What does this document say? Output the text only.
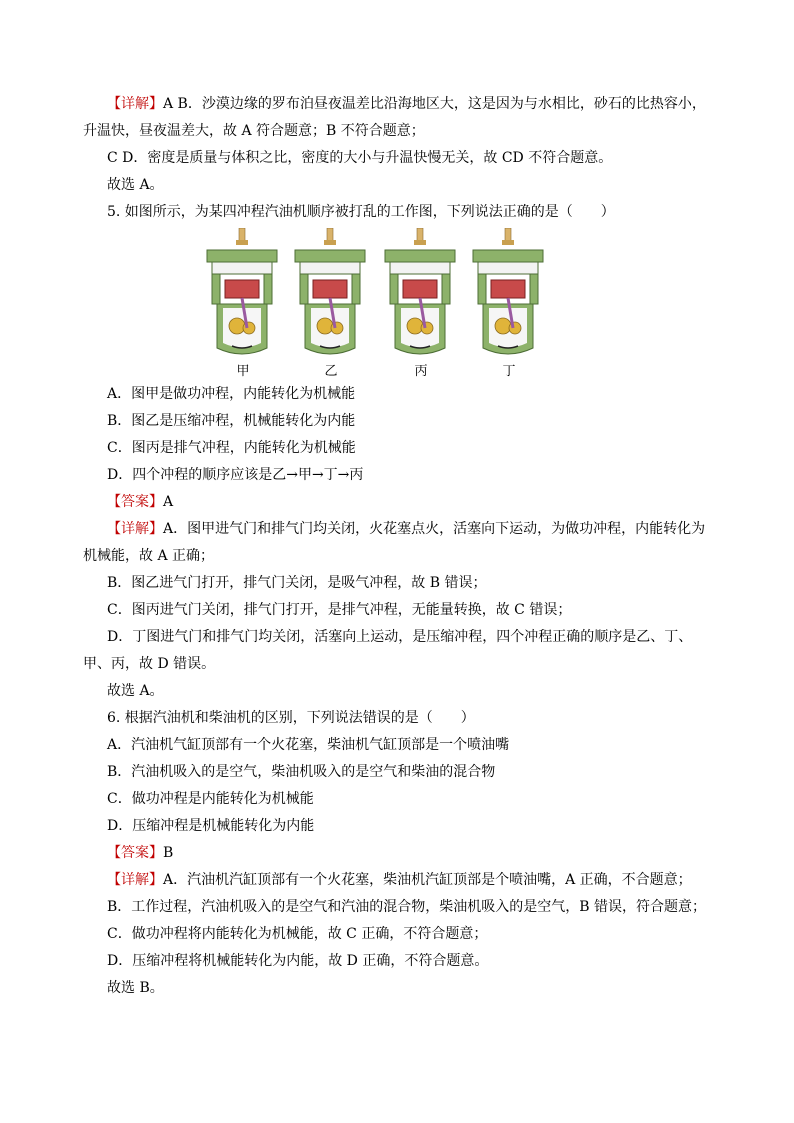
【详解】A B．沙漠边缘的罗布泊昼夜温差比沿海地区大，这是因为与水相比，砂石的比热容小，
升温快，昼夜温差大，故 A 符合题意；B 不符合题意；
C D．密度是质量与体积之比，密度的大小与升温快慢无关，故 CD 不符合题意。
故选 A。
5. 如图所示，为某四冲程汽油机顺序被打乱的工作图，下列说法正确的是（　　）
甲	乙	丙	丁
A．图甲是做功冲程，内能转化为机械能
B．图乙是压缩冲程，机械能转化为内能
C．图丙是排气冲程，内能转化为机械能
D．四个冲程的顺序应该是乙→甲→丁→丙
【答案】A
【详解】A．图甲进气门和排气门均关闭，火花塞点火，活塞向下运动，为做功冲程，内能转化为
机械能，故 A 正确；
B．图乙进气门打开，排气门关闭，是吸气冲程，故 B 错误；
C．图丙进气门关闭，排气门打开，是排气冲程，无能量转换，故 C 错误；
D．丁图进气门和排气门均关闭，活塞向上运动，是压缩冲程，四个冲程正确的顺序是乙、丁、
甲、丙，故 D 错误。
故选 A。
6. 根据汽油机和柴油机的区别，下列说法错误的是（　　）
A．汽油机气缸顶部有一个火花塞，柴油机气缸顶部是一个喷油嘴
B．汽油机吸入的是空气，柴油机吸入的是空气和柴油的混合物
C．做功冲程是内能转化为机械能
D．压缩冲程是机械能转化为内能
【答案】B
【详解】A．汽油机汽缸顶部有一个火花塞，柴油机汽缸顶部是个喷油嘴，A 正确，不合题意；
B．工作过程，汽油机吸入的是空气和汽油的混合物，柴油机吸入的是空气，B 错误，符合题意；
C．做功冲程将内能转化为机械能，故 C 正确，不符合题意；
D．压缩冲程将机械能转化为内能，故 D 正确，不符合题意。
故选 B。
